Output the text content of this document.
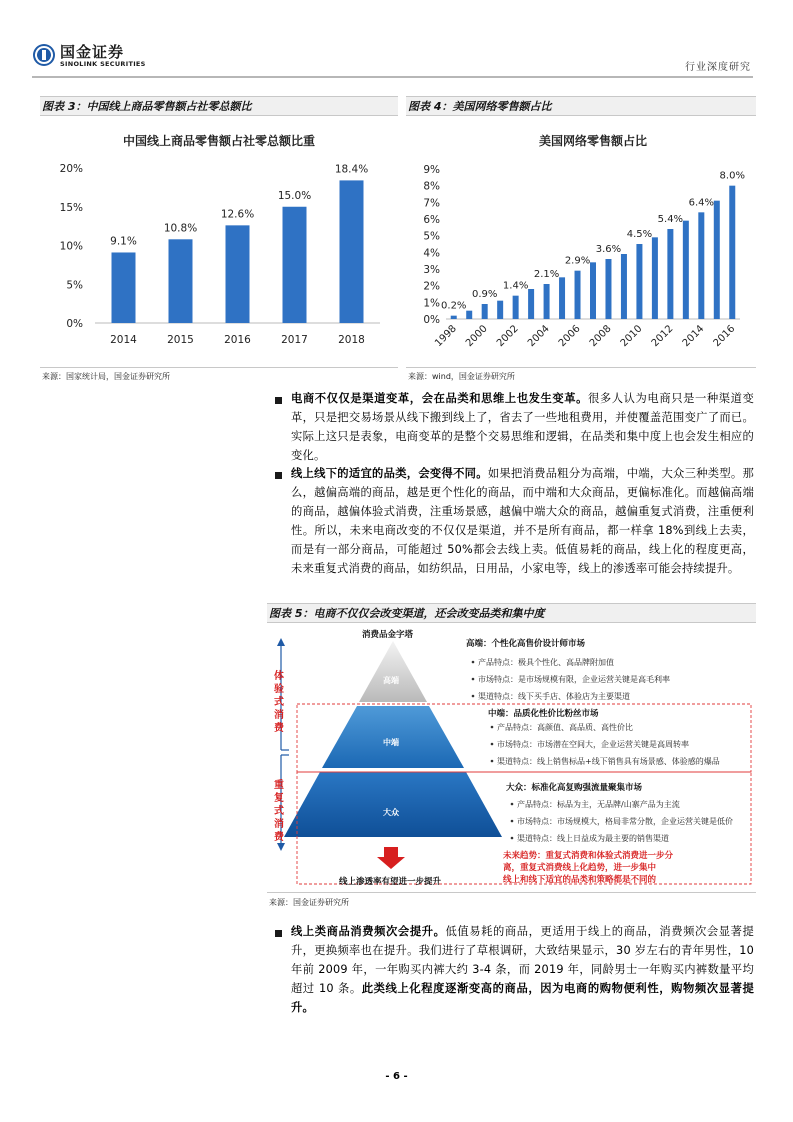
国金证券
SINOLINK SECURITIES	行业深度研究
图表 3：中国线上商品零售额占社零总额比
中国线上商品零售额占社零总额比重
0%
5%
10%
15%
20%
9.1%
2014
10.8%
2015
12.6%
2016
15.0%
2017
18.4%
2018
来源：国家统计局，国金证券研究所
图表 4：美国网络零售额占比
美国网络零售额占比
0%
1%
2%
3%
4%
5%
6%
7%
8%
9%
0.2%
1998
0.9%
2000
1.4%
2002
2.1%
2004
2.9%
2006
3.6%
2008
4.5%
2010
5.4%
2012
6.4%
2014
8.0%
2016
来源：wind，国金证券研究所
电商不仅仅是渠道变革，会在品类和思维上也发生变革。很多人认为电商只是一种渠道变革，只是把交易场景从线下搬到线上了，省去了一些地租费用，并使覆盖范围变广了而已。实际上这只是表象，电商变革的是整个交易思维和逻辑，在品类和集中度上也会发生相应的变化。
线上线下的适宜的品类，会变得不同。如果把消费品粗分为高端，中端，大众三种类型。那么，越偏高端的商品，越是更个性化的商品，而中端和大众商品，更偏标准化。而越偏高端的商品，越偏体验式消费，注重场景感，越偏中端大众的商品，越偏重复式消费，注重便利性。所以，未来电商改变的不仅仅是渠道，并不是所有商品，都一样拿 18%到线上去卖，而是有一部分商品，可能超过 50%都会去线上卖。低值易耗的商品，线上化的程度更高，未来重复式消费的商品，如纺织品，日用品，小家电等，线上的渗透率可能会持续提升。
图表 5：电商不仅仅会改变渠道，还会改变品类和集中度
消费品金字塔
高端
中端
大众
体验式消费
重复式消费
线上渗透率有望进一步提升
高端：个性化高售价设计师市场
产品特点：极具个性化、高品牌附加值
市场特点：是市场规模有限，企业运营关键是高毛利率
渠道特点：线下买手店、体验店为主要渠道
中端：品质化性价比粉丝市场
产品特点：高颜值、高品质、高性价比
市场特点：市场潜在空间大，企业运营关键是高周转率
渠道特点：线上销售标品+线下销售具有场景感、体验感的爆品
大众：标准化高复购强流量聚集市场
产品特点：标品为主，无品牌/山寨产品为主流
市场特点：市场规模大，格局非常分散，企业运营关键是低价
渠道特点：线上日益成为最主要的销售渠道
未来趋势：重复式消费和体验式消费进一步分
离，重复式消费线上化趋势，进一步集中
线上和线下适宜的品类和策略都是不同的
来源：国金证券研究所
线上类商品消费频次会提升。低值易耗的商品，更适用于线上的商品，消费频次会显著提升，更换频率也在提升。我们进行了草根调研，大致结果显示，30 岁左右的青年男性，10 年前 2009 年，一年购买内裤大约 3-4 条，而 2019 年，同龄男士一年购买内裤数量平均超过 10 条。此类线上化程度逐渐变高的商品，因为电商的购物便利性，购物频次显著提升。
- 6 -
